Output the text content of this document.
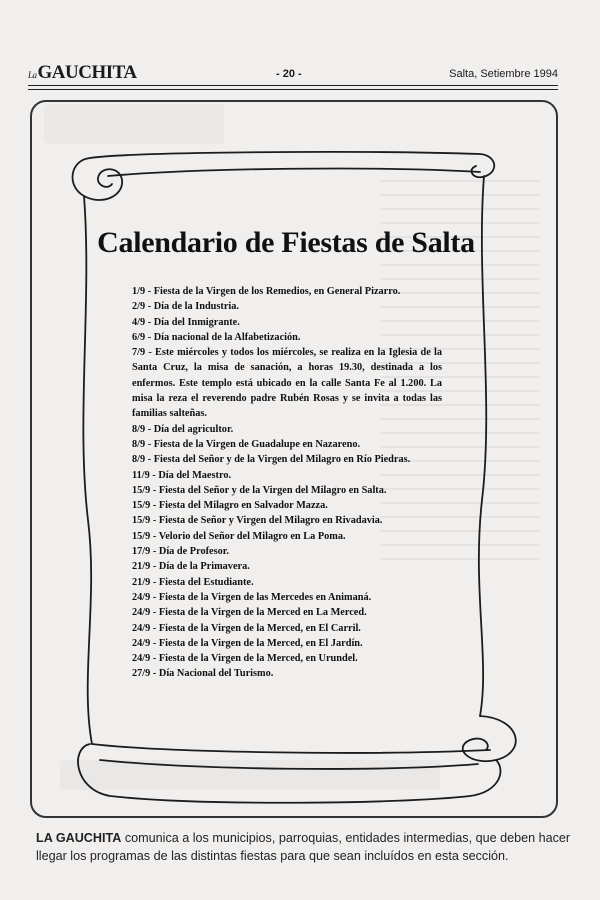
LaGAUCHITA	- 20 -	Salta, Setiembre 1994
Calendario de Fiestas de Salta
1/9 - Fiesta de la Virgen de los Remedios, en General Pizarro.
2/9 - Día de la Industria.
4/9 - Día del Inmigrante.
6/9 - Día nacional de la Alfabetización.
7/9 - Este miércoles y todos los miércoles, se realiza en la Iglesia de la Santa Cruz, la misa de sanación, a horas 19.30, destinada a los enfermos. Este templo está ubicado en la calle Santa Fe al 1.200. La misa la reza el reverendo padre Rubén Rosas y se invita a todas las familias salteñas.
8/9 - Día del agricultor.
8/9 - Fiesta de la Virgen de Guadalupe en Nazareno.
8/9 - Fiesta del Señor y de la Virgen del Milagro en Río Piedras.
11/9 - Día del Maestro.
15/9 - Fiesta del Señor y de la Virgen del Milagro en Salta.
15/9 - Fiesta del Milagro en Salvador Mazza.
15/9 - Fiesta de Señor y Virgen del Milagro en Rivadavia.
15/9 - Velorio del Señor del Milagro en La Poma.
17/9 - Día de Profesor.
21/9 - Día de la Primavera.
21/9 - Fiesta del Estudiante.
24/9 - Fiesta de la Virgen de las Mercedes en Animaná.
24/9 - Fiesta de la Virgen de la Merced en La Merced.
24/9 - Fiesta de la Virgen de la Merced, en El Carril.
24/9 - Fiesta de la Virgen de la Merced, en El Jardín.
24/9 - Fiesta de la Virgen de la Merced, en Urundel.
27/9 - Día Nacional del Turismo.
LA GAUCHITA comunica a los municipios, parroquias, entidades intermedias, que deben hacer llegar los programas de las distintas fiestas para que sean incluídos en esta sección.
